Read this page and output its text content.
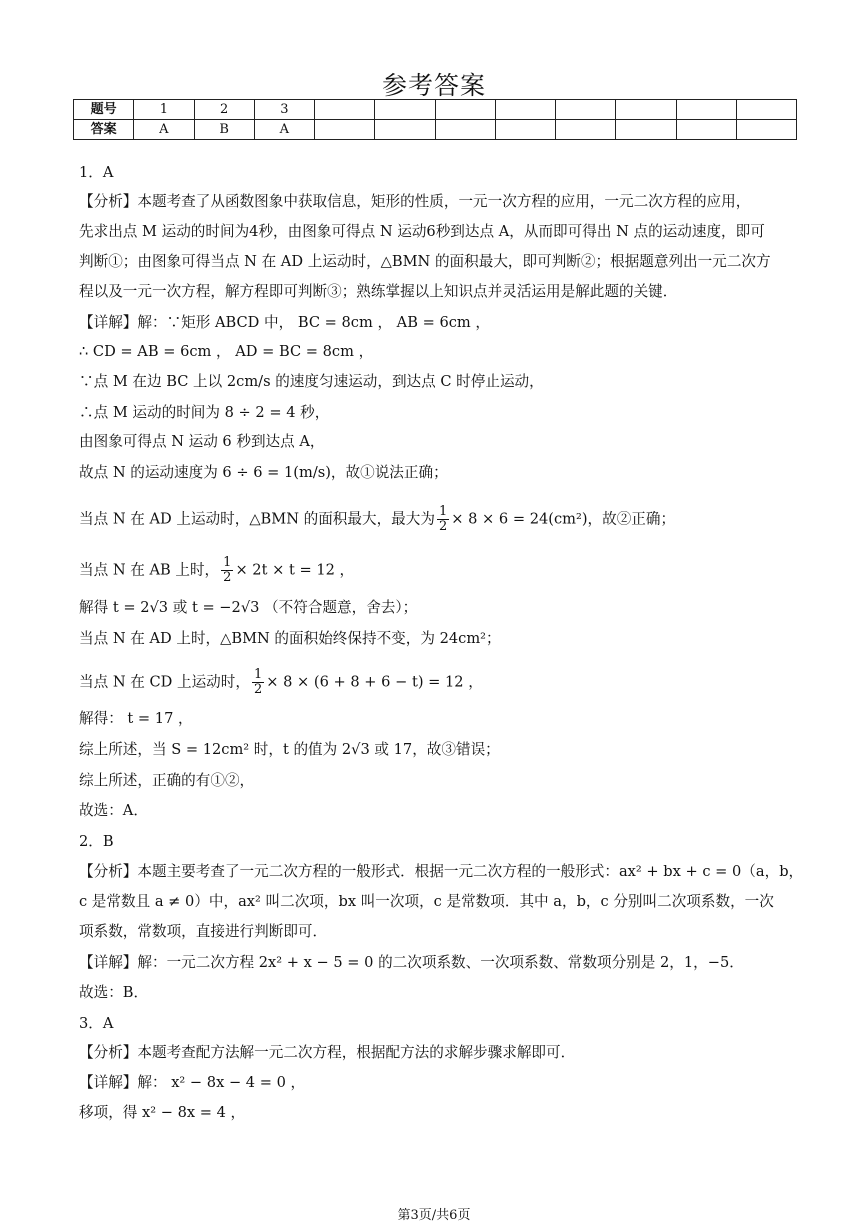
参考答案
题号	1	2	3								
答案	A	B	A								
1．A
【分析】本题考查了从函数图象中获取信息，矩形的性质，一元一次方程的应用，一元二次方程的应用，
先求出点 M 运动的时间为4秒，由图象可得点 N 运动6秒到达点 A，从而即可得出 N 点的运动速度，即可
判断①；由图象可得当点 N 在 AD 上运动时，△BMN 的面积最大，即可判断②；根据题意列出一元二次方
程以及一元一次方程，解方程即可判断③；熟练掌握以上知识点并灵活运用是解此题的关键．
【详解】解：∵矩形 ABCD 中， BC = 8cm ， AB = 6cm ，
∴ CD = AB = 6cm ， AD = BC = 8cm ，
∵点 M 在边 BC 上以 2cm/s 的速度匀速运动，到达点 C 时停止运动，
∴点 M 运动的时间为 8 ÷ 2 = 4 秒，
由图象可得点 N 运动 6 秒到达点 A，
故点 N 的运动速度为 6 ÷ 6 = 1(m/s)，故①说法正确；
当点 N 在 AD 上运动时，△BMN 的面积最大，最大为 $\frac{1}{2} \times 8 \times 6 = 24(cm^2)$，故②正确；
当点 N 在 AB 上时， $\frac{1}{2} \times 2t \times t = 12$ ，
解得 t = 2√3 或 t = −2√3 （不符合题意，舍去）；
当点 N 在 AD 上时，△BMN 的面积始终保持不变，为 24cm²；
当点 N 在 CD 上运动时， $\frac{1}{2} \times 8 \times (6 + 8 + 6 - t) = 12$ ，
解得： t = 17 ，
综上所述，当 S = 12cm² 时，t 的值为 2√3 或 17，故③错误；
综上所述，正确的有①②，
故选：A．
2．B
【分析】本题主要考查了一元二次方程的一般形式．根据一元二次方程的一般形式：ax² + bx + c = 0（a，b，
c 是常数且 a ≠ 0）中，ax² 叫二次项，bx 叫一次项，c 是常数项．其中 a，b，c 分别叫二次项系数，一次
项系数，常数项，直接进行判断即可．
【详解】解：一元二次方程 2x² + x − 5 = 0 的二次项系数、一次项系数、常数项分别是 2，1，−5．
故选：B．
3．A
【分析】本题考查配方法解一元二次方程，根据配方法的求解步骤求解即可．
【详解】解： x² − 8x − 4 = 0 ，
移项，得 x² − 8x = 4 ，
第3页/共6页
